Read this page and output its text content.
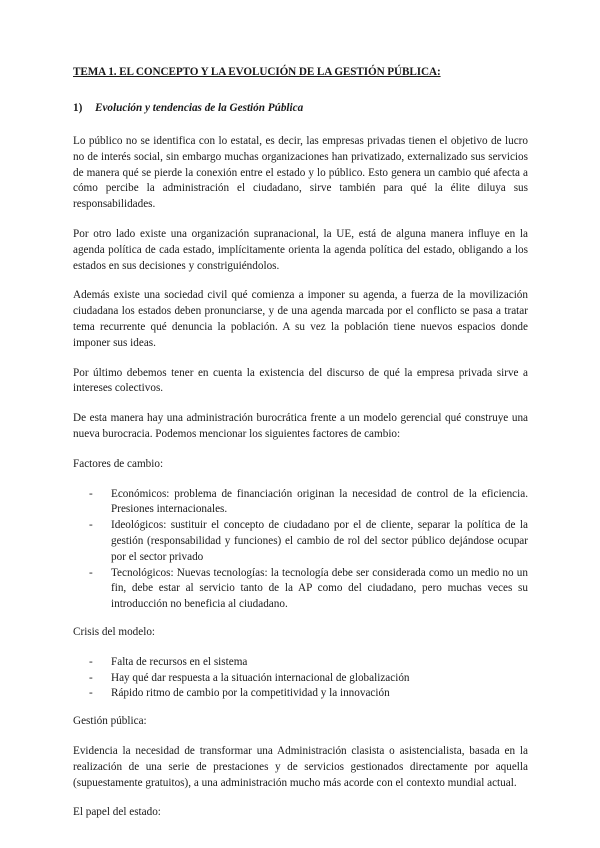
TEMA 1. EL CONCEPTO Y LA EVOLUCIÓN DE LA GESTIÓN PÚBLICA:
1)	Evolución y tendencias de la Gestión Pública

Lo público no se identifica con lo estatal, es decir, las empresas privadas tienen el objetivo de lucro no de interés social, sin embargo muchas organizaciones han privatizado, externalizado sus servicios de manera qué se pierde la conexión entre el estado y lo público. Esto genera un cambio qué afecta a cómo percibe la administración el ciudadano, sirve también para qué la élite diluya sus responsabilidades.

Por otro lado existe una organización supranacional, la UE, está de alguna manera influye en la agenda política de cada estado, implícitamente orienta la agenda política del estado, obligando a los estados en sus decisiones y constriguiéndolos.

Además existe una sociedad civil qué comienza a imponer su agenda, a fuerza de la movilización ciudadana los estados deben pronunciarse, y de una agenda marcada por el conflicto se pasa a tratar tema recurrente qué denuncia la población. A su vez la población tiene nuevos espacios donde imponer sus ideas.

Por último debemos tener en cuenta la existencia del discurso de qué la empresa privada sirve a intereses colectivos.

De esta manera hay una administración burocrática frente a un modelo gerencial qué construye una nueva burocracia. Podemos mencionar los siguientes factores de cambio:

Factores de cambio:

- Económicos: problema de financiación originan la necesidad de control de la eficiencia. Presiones internacionales.
- Ideológicos: sustituir el concepto de ciudadano por el de cliente, separar la política de la gestión (responsabilidad y funciones) el cambio de rol del sector público dejándose ocupar por el sector privado
- Tecnológicos: Nuevas tecnologías: la tecnología debe ser considerada como un medio no un fin, debe estar al servicio tanto de la AP como del ciudadano, pero muchas veces su introducción no beneficia al ciudadano.

Crisis del modelo:

- Falta de recursos en el sistema
- Hay qué dar respuesta a la situación internacional de globalización
- Rápido ritmo de cambio por la competitividad y la innovación

Gestión pública:

Evidencia la necesidad de transformar una Administración clasista o asistencialista, basada en la realización de una serie de prestaciones y de servicios gestionados directamente por aquella (supuestamente gratuitos), a una administración mucho más acorde con el contexto mundial actual.

El papel del estado:
